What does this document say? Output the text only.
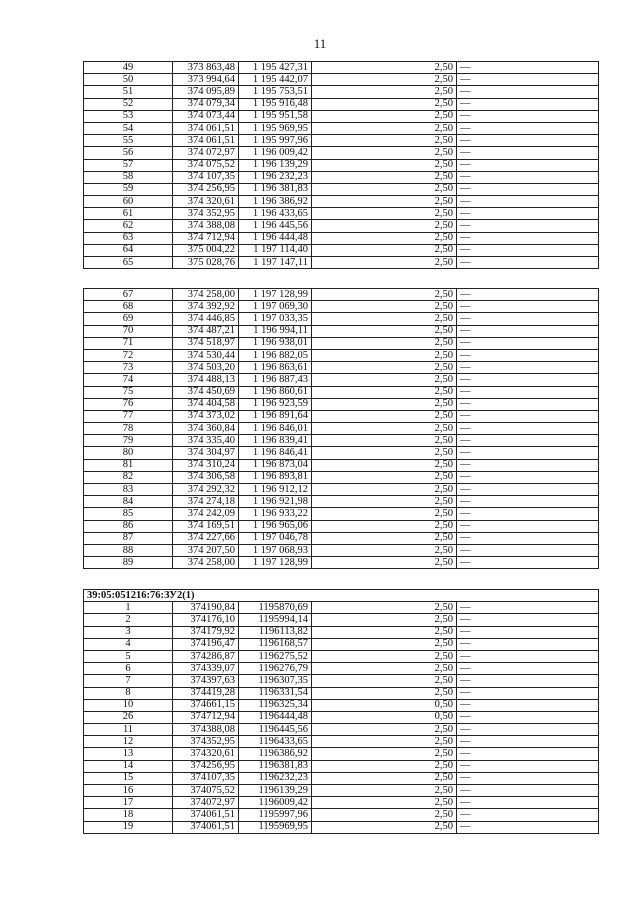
11
49	373 863,48	1 195 427,31	2,50	—
50	373 994,64	1 195 442,07	2,50	—
51	374 095,89	1 195 753,51	2,50	—
52	374 079,34	1 195 916,48	2,50	—
53	374 073,44	1 195 951,58	2,50	—
54	374 061,51	1 195 969,95	2,50	—
55	374 061,51	1 195 997,96	2,50	—
56	374 072,97	1 196 009,42	2,50	—
57	374 075,52	1 196 139,29	2,50	—
58	374 107,35	1 196 232,23	2,50	—
59	374 256,95	1 196 381,83	2,50	—
60	374 320,61	1 196 386,92	2,50	—
61	374 352,95	1 196 433,65	2,50	—
62	374 388,08	1 196 445,56	2,50	—
63	374 712,94	1 196 444,48	2,50	—
64	375 004,22	1 197 114,40	2,50	—
65	375 028,76	1 197 147,11	2,50	—
67	374 258,00	1 197 128,99	2,50	—
68	374 392,92	1 197 069,30	2,50	—
69	374 446,85	1 197 033,35	2,50	—
70	374 487,21	1 196 994,11	2,50	—
71	374 518,97	1 196 938,01	2,50	—
72	374 530,44	1 196 882,05	2,50	—
73	374 503,20	1 196 863,61	2,50	—
74	374 488,13	1 196 887,43	2,50	—
75	374 450,69	1 196 860,61	2,50	—
76	374 404,58	1 196 923,59	2,50	—
77	374 373,02	1 196 891,64	2,50	—
78	374 360,84	1 196 846,01	2,50	—
79	374 335,40	1 196 839,41	2,50	—
80	374 304,97	1 196 846,41	2,50	—
81	374 310,24	1 196 873,04	2,50	—
82	374 306,58	1 196 893,81	2,50	—
83	374 292,32	1 196 912,12	2,50	—
84	374 274,18	1 196 921,98	2,50	—
85	374 242,09	1 196 933,22	2,50	—
86	374 169,51	1 196 965,06	2,50	—
87	374 227,66	1 197 046,78	2,50	—
88	374 207,50	1 197 068,93	2,50	—
89	374 258,00	1 197 128,99	2,50	—
39:05:051216:76:ЗУ2(1)				
1	374190,84	1195870,69	2,50	—
2	374176,10	1195994,14	2,50	—
3	374179,92	1196113,82	2,50	—
4	374196,47	1196168,57	2,50	—
5	374286,87	1196275,52	2,50	—
6	374339,07	1196276,79	2,50	—
7	374397,63	1196307,35	2,50	—
8	374419,28	1196331,54	2,50	—
10	374661,15	1196325,34	0,50	—
26	374712,94	1196444,48	0,50	—
11	374388,08	1196445,56	2,50	—
12	374352,95	1196433,65	2,50	—
13	374320,61	1196386,92	2,50	—
14	374256,95	1196381,83	2,50	—
15	374107,35	1196232,23	2,50	—
16	374075,52	1196139,29	2,50	—
17	374072,97	1196009,42	2,50	—
18	374061,51	1195997,96	2,50	—
19	374061,51	1195969,95	2,50	—
